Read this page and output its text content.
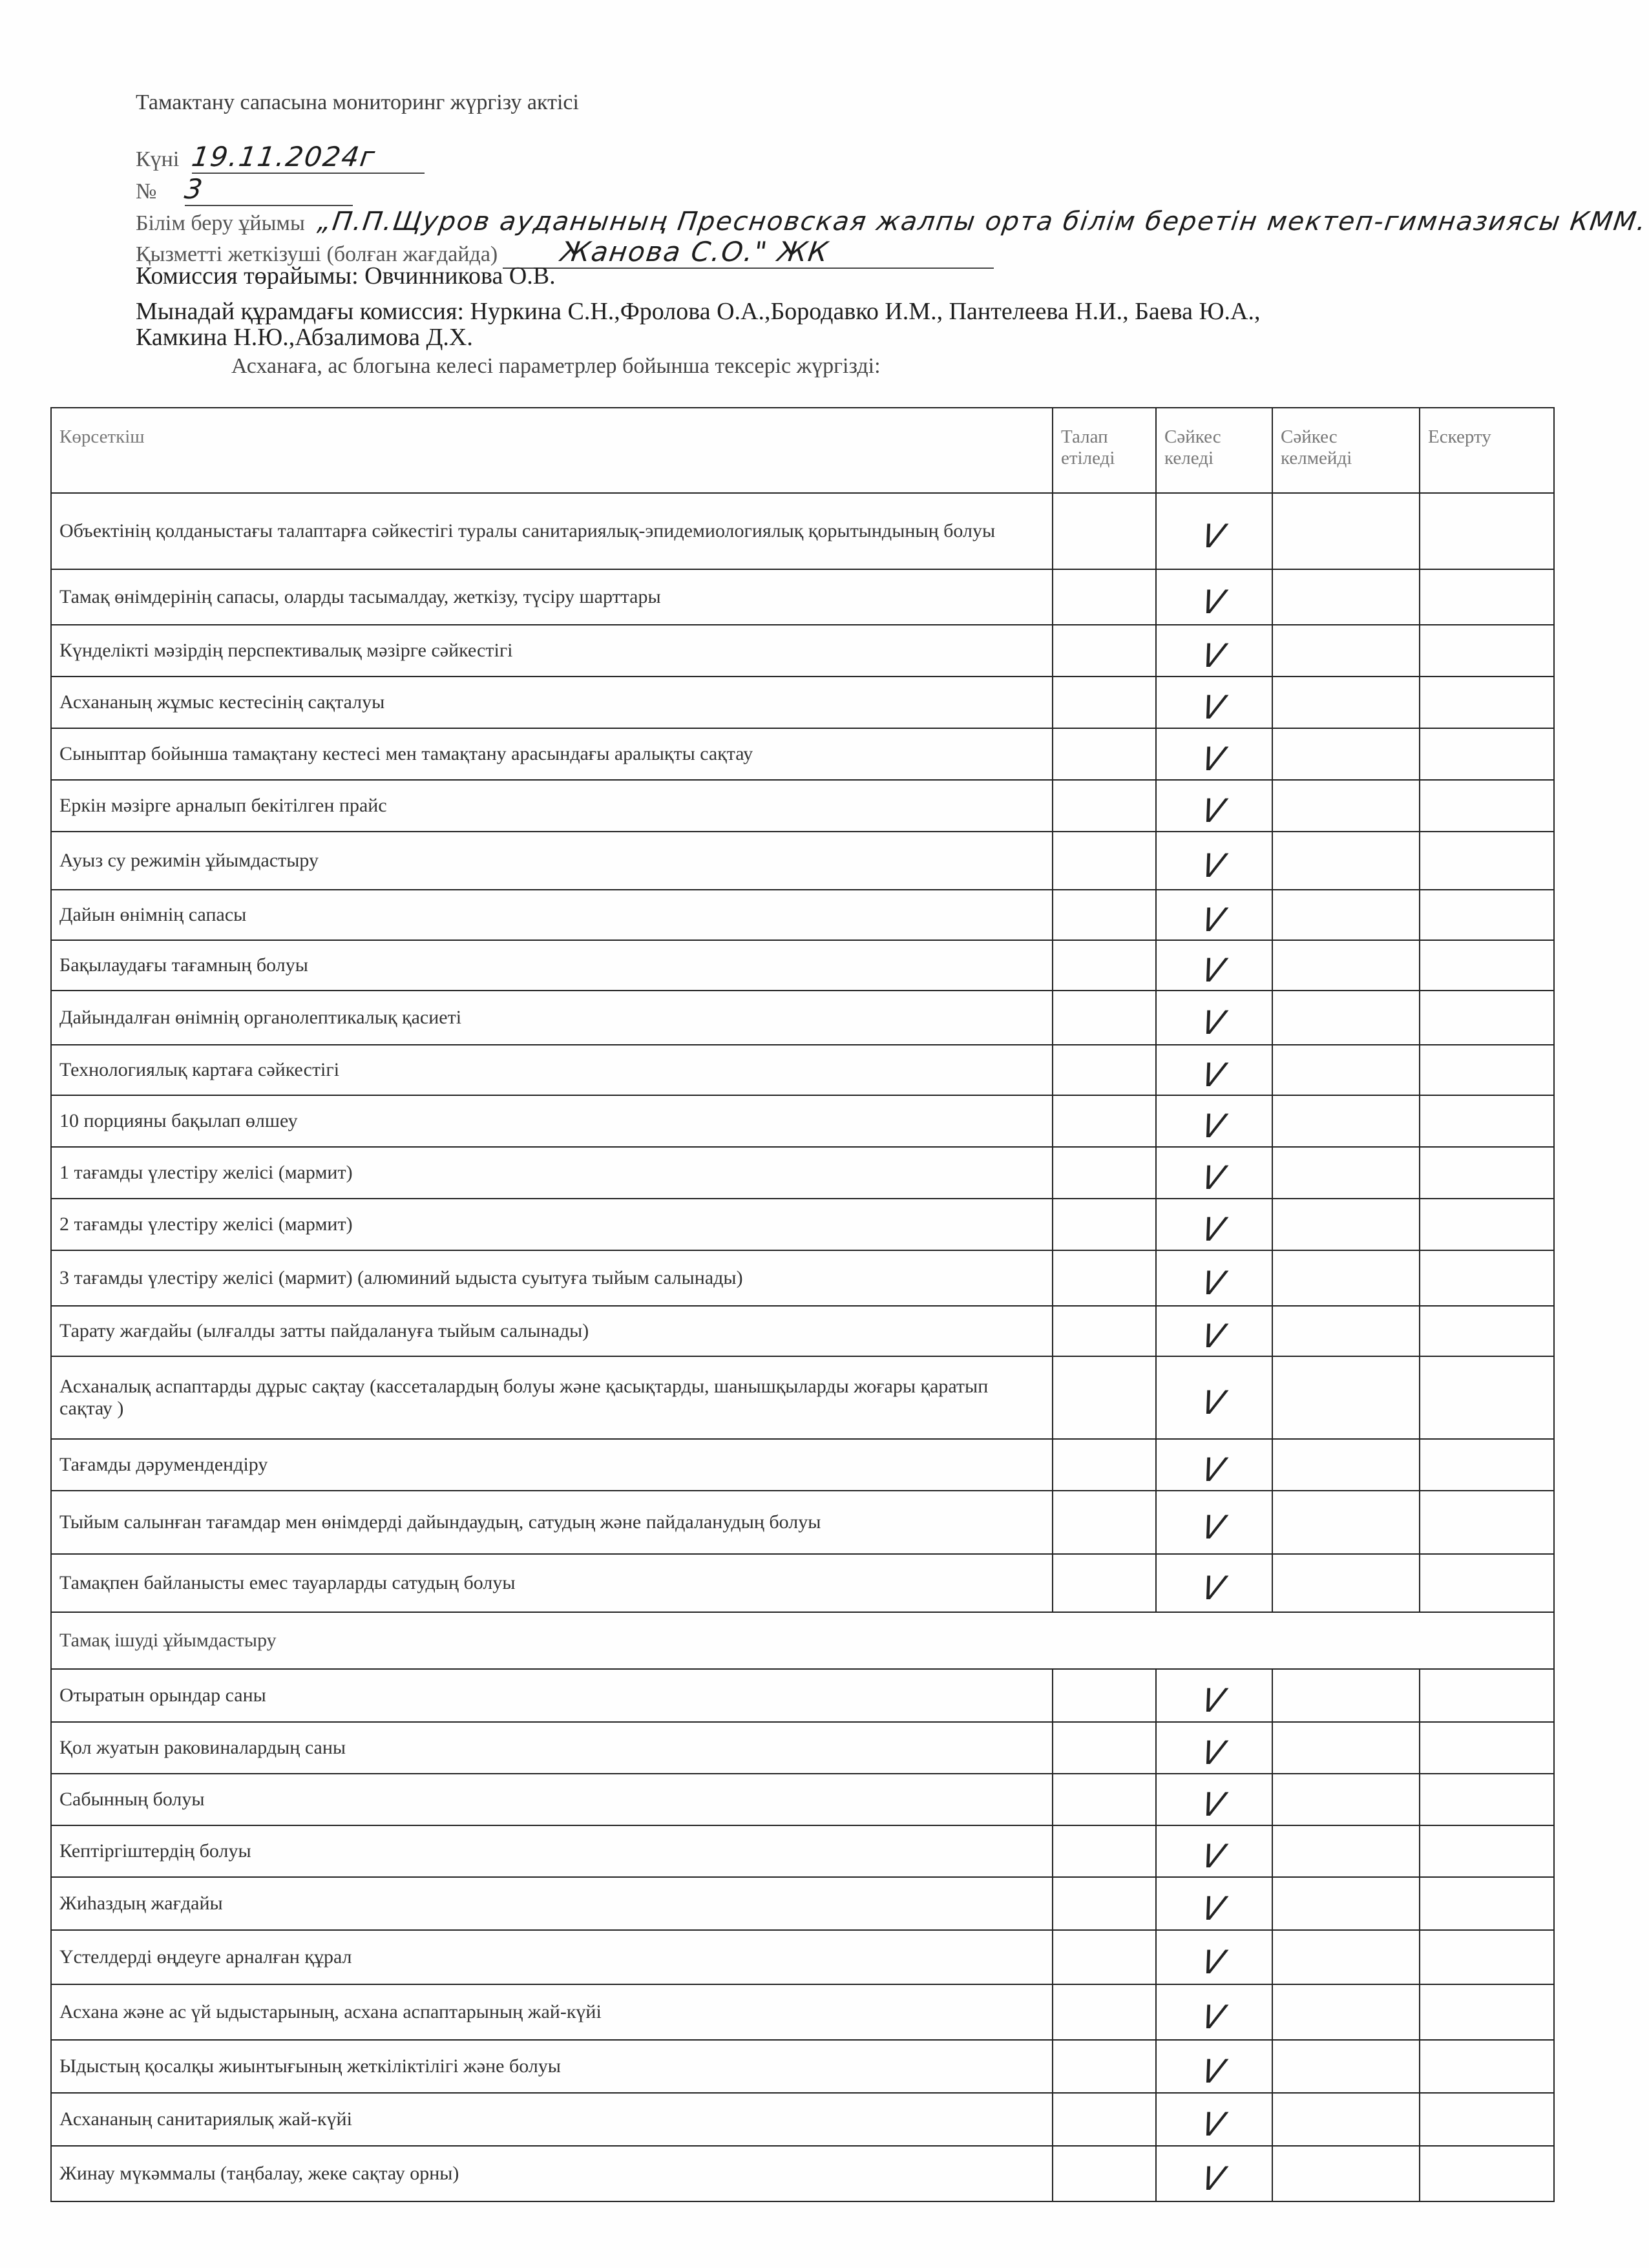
Тамактану сапасына мониторинг жүргізу актісі
Күні 19.11.2024г
№ 3
Білім беру ұйымы „П.П.Щуров ауданының Пресновская жалпы орта білім беретін мектеп-гимназиясы КММ.
Қызметті жеткізуші (болған жағдайда) Жанова С.О." ЖК
Комиссия төрайымы: Овчинникова О.В.
Мынадай құрамдағы комиссия: Нуркина С.Н.,Фролова О.А.,Бородавко И.М., Пантелеева Н.И., Баева Ю.А.,
Камкина Н.Ю.,Абзалимова Д.Х.
Асханаға, ас блогына келесі параметрлер бойынша тексеріс жүргізді:
Көрсеткіш	Талап етіледі	Сәйкес келеді	Сәйкес келмейді	Ескерту
Объектінің қолданыстағы талаптарға сәйкестігі туралы санитариялық-эпидемиологиялық қорытындының болуы		V		
Тамақ өнімдерінің сапасы, оларды тасымалдау, жеткізу, түсіру шарттары		V		
Күнделікті мәзірдің перспективалық мәзірге сәйкестігі		V		
Асхананың жұмыс кестесінің сақталуы		V		
Сыныптар бойынша тамақтану кестесі мен тамақтану арасындағы аралықты сақтау		V		
Еркін мәзірге арналып бекітілген прайс		V		
Ауыз су режимін ұйымдастыру		V		
Дайын өнімнің сапасы		V		
Бақылаудағы тағамның болуы		V		
Дайындалған өнімнің органолептикалық қасиеті		V		
Технологиялық картаға сәйкестігі		V		
10 порцияны бақылап өлшеу		V		
1 тағамды үлестіру желісі (мармит)		V		
2 тағамды үлестіру желісі (мармит)		V		
3 тағамды үлестіру желісі (мармит) (алюминий ыдыста суытуға тыйым салынады)		V		
Тарату жағдайы (ылғалды затты пайдалануға тыйым салынады)		V		
Асханалық аспаптарды дұрыс сақтау (кассеталардың болуы және қасықтарды, шанышқыларды жоғары қаратып сақтау )		V		
Тағамды дәрумендендіру		V		
Тыйым салынған тағамдар мен өнімдерді дайындаудың, сатудың және пайдаланудың болуы		V		
Тамақпен байланысты емес тауарларды сатудың болуы		V		
Тамақ ішуді ұйымдастыру				
Отыратын орындар саны		V		
Қол жуатын раковиналардың саны		V		
Сабынның болуы		V		
Кептіргіштердің болуы		V		
Жиһаздың жағдайы		V		
Үстелдерді өңдеуге арналған құрал		V		
Асхана және ас үй ыдыстарының, асхана аспаптарының жай-күйі		V		
Ыдыстың қосалқы жиынтығының жеткіліктілігі және болуы		V		
Асхананың санитариялық жай-күйі		V		
Жинау мүкәммалы (таңбалау, жеке сақтау орны)		V		
